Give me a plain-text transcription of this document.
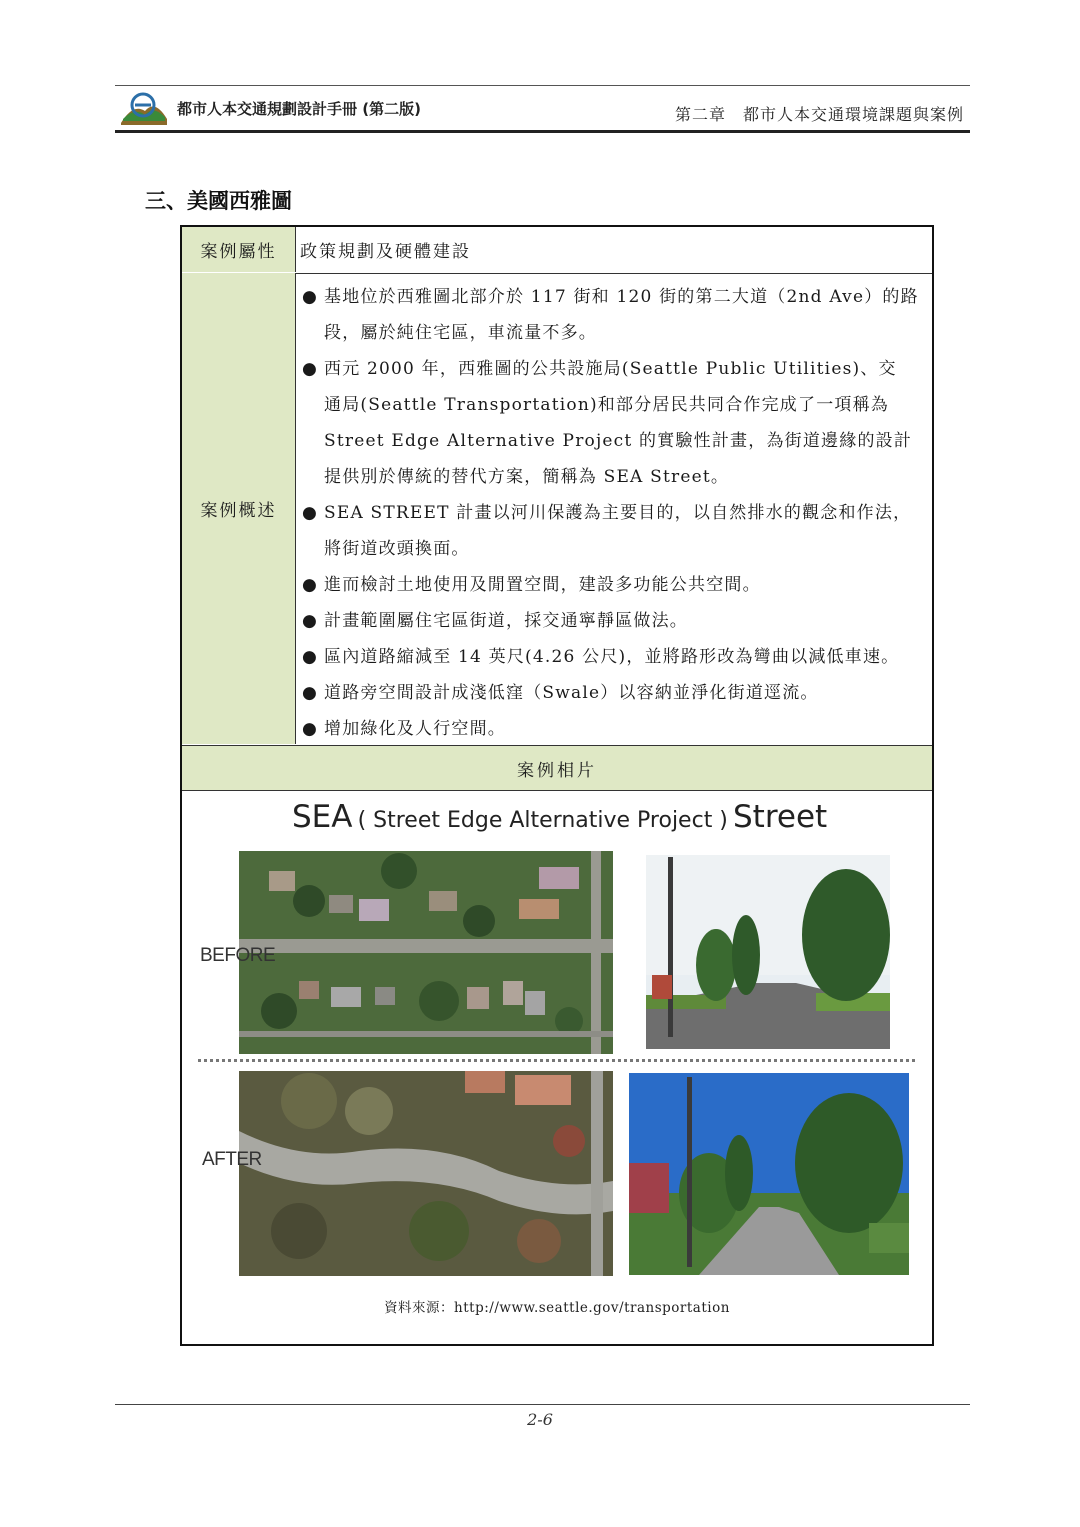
都市人本交通規劃設計手冊 (第二版)	第二章　都市人本交通環境課題與案例
三、美國西雅圖
案例屬性	政策規劃及硬體建設
案例概述
● 基地位於西雅圖北部介於 117 街和 120 街的第二大道（2nd Ave）的路
段，屬於純住宅區，車流量不多。
● 西元 2000 年，西雅圖的公共設施局(Seattle Public Utilities)、交
通局(Seattle Transportation)和部分居民共同合作完成了一項稱為
Street Edge Alternative Project 的實驗性計畫，為街道邊緣的設計
提供別於傳統的替代方案，簡稱為 SEA Street。
● SEA STREET 計畫以河川保護為主要目的，以自然排水的觀念和作法，
將街道改頭換面。
● 進而檢討土地使用及閒置空間，建設多功能公共空間。
● 計畫範圍屬住宅區街道，採交通寧靜區做法。
● 區內道路縮減至 14 英尺(4.26 公尺)，並將路形改為彎曲以減低車速。
● 道路旁空間設計成淺低窪（Swale）以容納並淨化街道逕流。
● 增加綠化及人行空間。
案例相片
SEA ( Street Edge Alternative Project ) Street
BEFORE
AFTER
資料來源：http://www.seattle.gov/transportation
2-6
